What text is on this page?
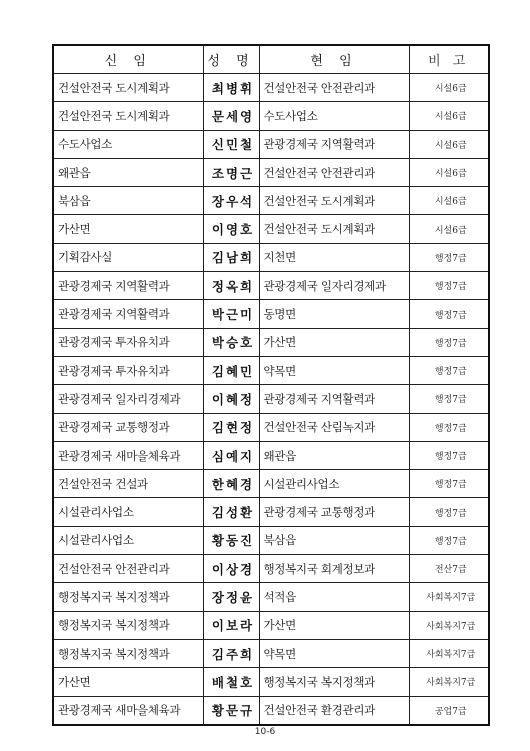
신 임	성 명	현 임	비 고
건설안전국 도시계획과	최병휘	건설안전국 안전관리과	시설6급
건설안전국 도시계획과	문세영	수도사업소	시설6급
수도사업소	신민철	관광경제국 지역활력과	시설6급
왜관읍	조명근	건설안전국 안전관리과	시설6급
북삼읍	장우석	건설안전국 도시계획과	시설6급
가산면	이영호	건설안전국 도시계획과	시설6급
기획감사실	김남희	지천면	행정7급
관광경제국 지역활력과	정옥희	관광경제국 일자리경제과	행정7급
관광경제국 지역활력과	박근미	동명면	행정7급
관광경제국 투자유치과	박승호	가산면	행정7급
관광경제국 투자유치과	김혜민	약목면	행정7급
관광경제국 일자리경제과	이혜정	관광경제국 지역활력과	행정7급
관광경제국 교통행정과	김현정	건설안전국 산림녹지과	행정7급
관광경제국 새마을체육과	심예지	왜관읍	행정7급
건설안전국 건설과	한혜경	시설관리사업소	행정7급
시설관리사업소	김성환	관광경제국 교통행정과	행정7급
시설관리사업소	황동진	북삼읍	행정7급
건설안전국 안전관리과	이상경	행정복지국 회계정보과	전산7급
행정복지국 복지정책과	장정윤	석적읍	사회복지7급
행정복지국 복지정책과	이보라	가산면	사회복지7급
행정복지국 복지정책과	김주희	약목면	사회복지7급
가산면	배철호	행정복지국 복지정책과	사회복지7급
관광경제국 새마을체육과	황문규	건설안전국 환경관리과	공업7급
10-6
